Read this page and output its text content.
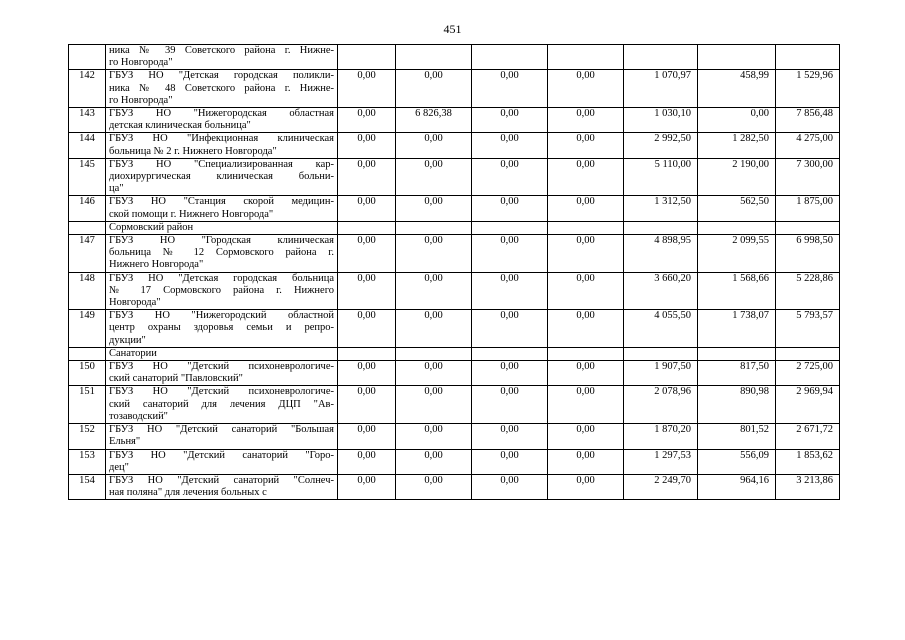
451

	ника № 39 Советского района г. Нижне-
го Новгорода"							

142	ГБУЗ НО "Детская городская поликли-
ника № 48 Советского района г. Нижне-
го Новгорода"	0,00	0,00	0,00	0,00	1 070,97	458,99	1 529,96
143	ГБУЗ НО "Нижегородская областная
детская клиническая больница"	0,00	6 826,38	0,00	0,00	1 030,10	0,00	7 856,48
144	ГБУЗ НО "Инфекционная клиническая
больница № 2 г. Нижнего Новгорода"	0,00	0,00	0,00	0,00	2 992,50	1 282,50	4 275,00
145	ГБУЗ НО "Специализированная кар-
диохирургическая клиническая больни-
ца"	0,00	0,00	0,00	0,00	5 110,00	2 190,00	7 300,00
146	ГБУЗ НО "Станция скорой медицин-
ской помощи г. Нижнего Новгорода"	0,00	0,00	0,00	0,00	1 312,50	562,50	1 875,00
	Сормовский район							
147	ГБУЗ НО "Городская клиническая
больница № 12 Сормовского района г.
Нижнего Новгорода"	0,00	0,00	0,00	0,00	4 898,95	2 099,55	6 998,50
148	ГБУЗ НО "Детская городская больница
№ 17 Сормовского района г. Нижнего
Новгорода"	0,00	0,00	0,00	0,00	3 660,20	1 568,66	5 228,86
149	ГБУЗ НО "Нижегородский областной
центр охраны здоровья семьи и репро-
дукции"	0,00	0,00	0,00	0,00	4 055,50	1 738,07	5 793,57
	Санатории							
150	ГБУЗ НО "Детский психоневрологиче-
ский санаторий "Павловский"	0,00	0,00	0,00	0,00	1 907,50	817,50	2 725,00
151	ГБУЗ НО "Детский психоневрологиче-
ский санаторий для лечения ДЦП "Ав-
тозаводский"	0,00	0,00	0,00	0,00	2 078,96	890,98	2 969,94
152	ГБУЗ НО "Детский санаторий "Большая
Ельня"	0,00	0,00	0,00	0,00	1 870,20	801,52	2 671,72
153	ГБУЗ НО "Детский санаторий "Горо-
дец"	0,00	0,00	0,00	0,00	1 297,53	556,09	1 853,62
154	ГБУЗ НО "Детский санаторий "Солнеч-
ная поляна" для лечения больных с	0,00	0,00	0,00	0,00	2 249,70	964,16	3 213,86
